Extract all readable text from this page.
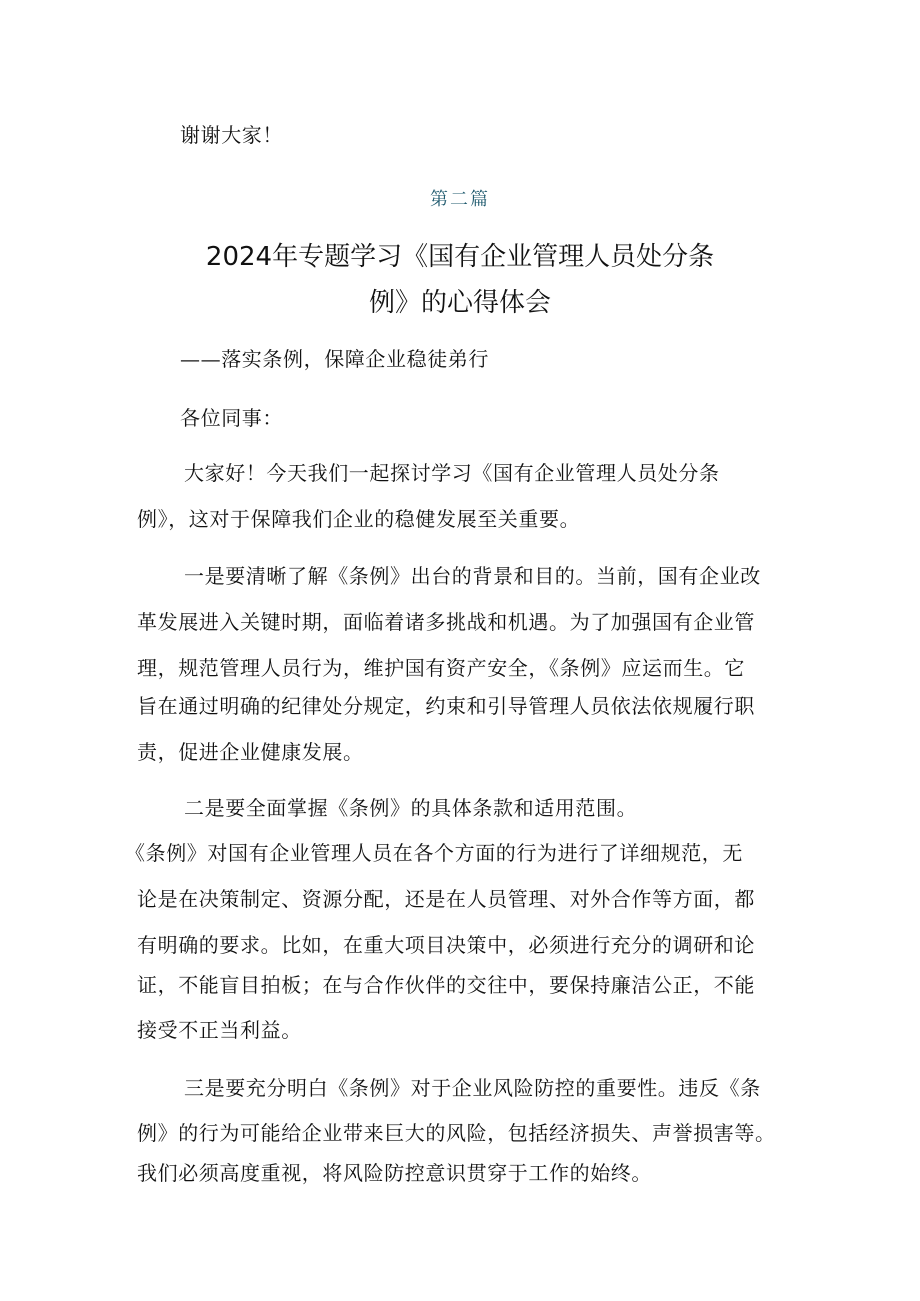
谢谢大家！
第二篇
2024年专题学习《国有企业管理人员处分条
例》的心得体会
——落实条例，保障企业稳徒弟行
各位同事：
大家好！今天我们一起探讨学习《国有企业管理人员处分条
例》，这对于保障我们企业的稳健发展至关重要。
一是要清晰了解《条例》出台的背景和目的。当前，国有企业改
革发展进入关键时期，面临着诸多挑战和机遇。为了加强国有企业管
理，规范管理人员行为，维护国有资产安全，《条例》应运而生。它
旨在通过明确的纪律处分规定，约束和引导管理人员依法依规履行职
责，促进企业健康发展。
二是要全面掌握《条例》的具体条款和适用范围。
《条例》对国有企业管理人员在各个方面的行为进行了详细规范，无
论是在决策制定、资源分配，还是在人员管理、对外合作等方面，都
有明确的要求。比如，在重大项目决策中，必须进行充分的调研和论
证，不能盲目拍板；在与合作伙伴的交往中，要保持廉洁公正，不能
接受不正当利益。
三是要充分明白《条例》对于企业风险防控的重要性。违反《条
例》的行为可能给企业带来巨大的风险，包括经济损失、声誉损害等。
我们必须高度重视，将风险防控意识贯穿于工作的始终。
